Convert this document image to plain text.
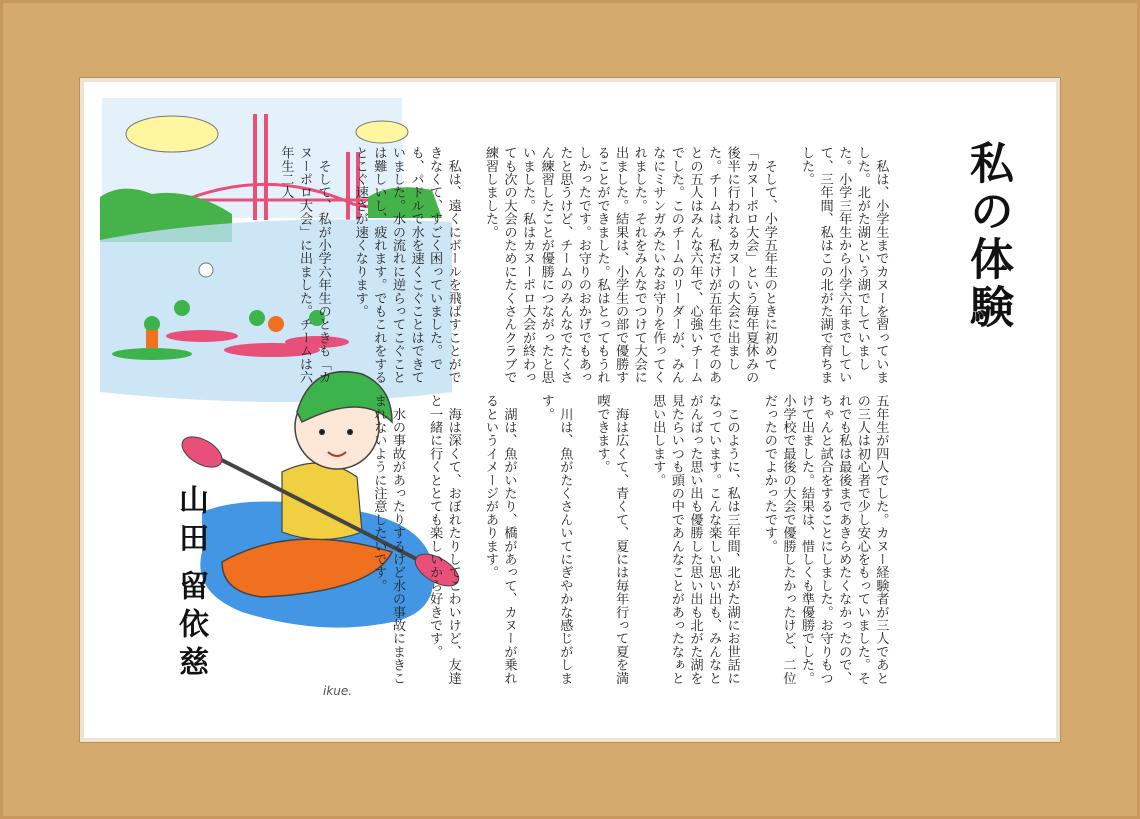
私の体験

　私は、小学生までカヌーを習っていました。北がた湖という湖でしていました。小学三年生から小学六年までしていて、三年間、私はこの北がた湖で育ちました。

　そして、小学五年生のときに初めて「カヌーポロ大会」という毎年夏休みの後半に行われるカヌーの大会に出ました。チームは、私だけが五年生でそのあとの五人はみんな六年で、心強いチームでした。このチームのリーダーが、みんなにミサンガみたいなお守りを作ってくれました。それをみんなでつけて大会に出ました。結果は、小学生の部で優勝することができました。私はとってもうれしかったです。お守りのおかげでもあったと思うけど、チームのみんなでたくさん練習したことが優勝につながったと思いました。私はカヌーポロ大会が終わっても次の大会のためにたくさんクラブで練習しました。

　私は、遠くにボールを飛ばすことができなくて、すごく困っていました。でも、パドルで水を速くこぐことはできていました。水の流れに逆らってこぐことは難しいし、疲れます。でもこれをするとこぐ速さが速くなります。

　そして、私が小学六年生のときも「カヌーポロ大会」に出ました。チームは六年生二人

五年生が四人でした。カヌー経験者が三人であとの三人は初心者で少し安心をもっていました。それでも私は最後まであきらめたくなかったので、ちゃんと試合をすることにしました。お守りもつけて出ました。結果は、惜しくも準優勝でした。小学校で最後の大会で優勝したかったけど、二位だったのでよかったです。

　このように、私は三年間、北がた湖にお世話になっています。こんな楽しい思い出も、みんなとがんばった思い出も優勝した思い出も北がた湖を見たらいつも頭の中であんなことがあったなぁと思い出します。

　海は広くて、青くて、夏には毎年行って夏を満喫できます。

　川は、魚がたくさんいてにぎやかな感じがします。

　湖は、魚がいたり、橋があって、カヌーが乗れるというイメージがあります。

　海は深くて、おぼれたりしてこわいけど、友達と一緒に行くととても楽しいから好きです。

　水の事故があったりするけど水の事故にまきこまれないように注意したいです。

山田
留依慈
ikue.
